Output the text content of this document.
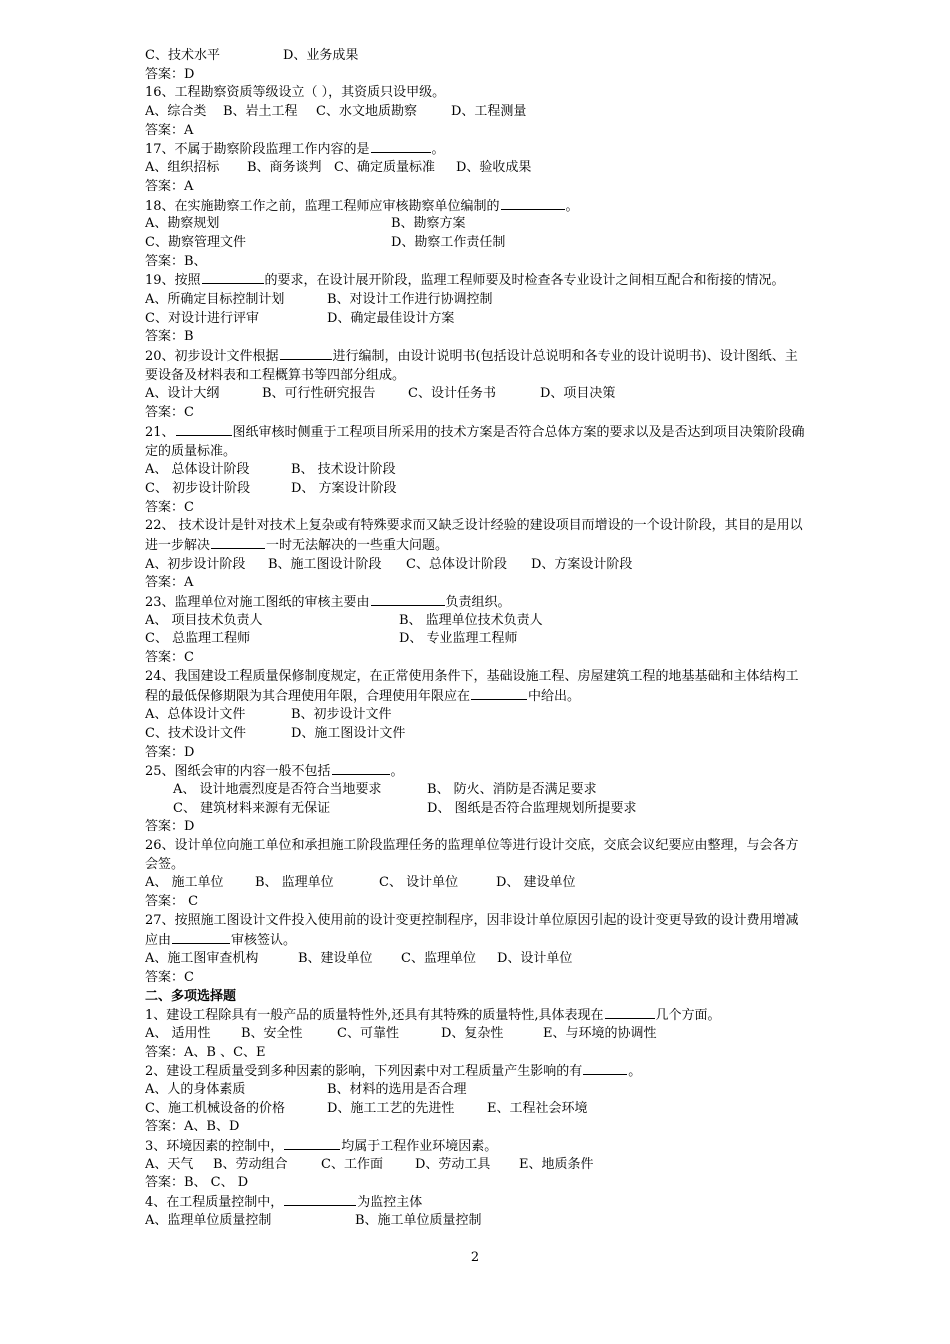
C、技术水平	D、业务成果
答案：D
16、工程勘察资质等级设立（ ），其资质只设甲级。
A、综合类 B、岩土工程 C、水文地质勘察	D、工程测量
答案：A
17、不属于勘察阶段监理工作内容的是	。
A、组织招标 B、商务谈判 C、确定质量标准 D、验收成果
答案：A
18、在实施勘察工作之前，监理工程师应审核勘察单位编制的	。
A、勘察规划	B、勘察方案
C、勘察管理文件	D、勘察工作责任制
答案：B、
19、按照	的要求，在设计展开阶段，监理工程师要及时检查各专业设计之间相互配合和衔接的情况。
A、所确定目标控制计划	B、对设计工作进行协调控制
C、对设计进行评审	D、确定最佳设计方案
答案：B
20、初步设计文件根据	进行编制，由设计说明书(包括设计总说明和各专业的设计说明书)、设计图纸、主要设备及材料表和工程概算书等四部分组成。
A、设计大纲	B、可行性研究报告 C、设计任务书	D、项目决策
答案：C
21、	图纸审核时侧重于工程项目所采用的技术方案是否符合总体方案的要求以及是否达到项目决策阶段确定的质量标准。
A、 总体设计阶段	B、 技术设计阶段
C、 初步设计阶段	D、 方案设计阶段
答案：C
22、 技术设计是针对技术上复杂或有特殊要求而又缺乏设计经验的建设项目而增设的一个设计阶段，其目的是用以进一步解决	一时无法解决的一些重大问题。
A、初步设计阶段 B、施工图设计阶段 C、总体设计阶段 D、方案设计阶段
答案：A
23、监理单位对施工图纸的审核主要由	负责组织。
A、 项目技术负责人	B、 监理单位技术负责人
C、 总监理工程师	D、 专业监理工程师
答案：C
24、我国建设工程质量保修制度规定，在正常使用条件下，基础设施工程、房屋建筑工程的地基基础和主体结构工程的最低保修期限为其合理使用年限，合理使用年限应在	中给出。
A、总体设计文件	B、初步设计文件
C、技术设计文件	D、施工图设计文件
答案：D
25、图纸会审的内容一般不包括	。
A、 设计地震烈度是否符合当地要求	B、 防火、消防是否满足要求
C、 建筑材料来源有无保证	D、 图纸是否符合监理规划所提要求
答案：D
26、设计单位向施工单位和承担施工阶段监理任务的监理单位等进行设计交底，交底会议纪要应由整理，与会各方会签。
A、 施工单位 B、 监理单位	C、 设计单位	D、 建设单位
答案： C
27、按照施工图设计文件投入使用前的设计变更控制程序，因非设计单位原因引起的设计变更导致的设计费用增减应由	审核签认。
A、施工图审查机构	B、建设单位 C、监理单位 D、设计单位
答案：C
二、多项选择题
1、建设工程除具有一般产品的质量特性外,还具有其特殊的质量特性,具体表现在	几个方面。
A、 适用性 B、安全性	C、可靠性	D、复杂性	E、与环境的协调性
答案：A、B 、C、E
2、建设工程质量受到多种因素的影响，下列因素中对工程质量产生影响的有	。
A、人的身体素质	B、材料的选用是否合理
C、施工机械设备的价格	D、施工工艺的先进性	E、工程社会环境
答案：A、B、D
3、环境因素的控制中，	均属于工程作业环境因素。
A、天气 B、劳动组合	C、工作面 D、劳动工具 E、地质条件
答案：B、 C、 D
4、在工程质量控制中，	为监控主体
A、监理单位质量控制	B、施工单位质量控制
2
